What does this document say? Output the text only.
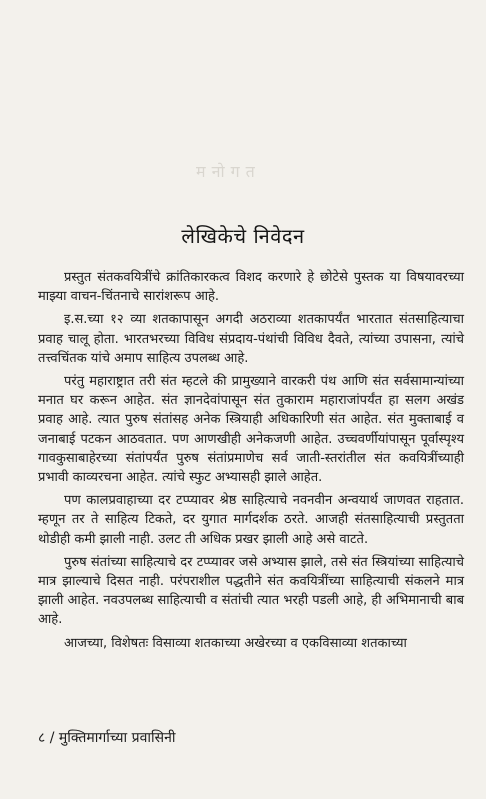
मनोगत
लेखिकेचे निवेदन

प्रस्तुत संतकवयित्रींचे क्रांतिकारकत्व विशद करणारे हे छोटेसे पुस्तक या विषयावरच्या माझ्या वाचन-चिंतनाचे सारांशरूप आहे.

इ.स.च्या १२ व्या शतकापासून अगदी अठराव्या शतकापर्यंत भारतात संतसाहित्याचा प्रवाह चालू होता. भारतभरच्या विविध संप्रदाय-पंथांची विविध दैवते, त्यांच्या उपासना, त्यांचे तत्त्वचिंतक यांचे अमाप साहित्य उपलब्ध आहे.

परंतु महाराष्ट्रात तरी संत म्हटले की प्रामुख्याने वारकरी पंथ आणि संत सर्वसामान्यांच्या मनात घर करून आहेत. संत ज्ञानदेवांपासून संत तुकाराम महाराजांपर्यंत हा सलग अखंड प्रवाह आहे. त्यात पुरुष संतांसह अनेक स्त्रियाही अधिकारिणी संत आहेत. संत मुक्ताबाई व जनाबाई पटकन आठवतात. पण आणखीही अनेकजणी आहेत. उच्चवर्णीयांपासून पूर्वास्पृश्य गावकुसाबाहेरच्या संतांपर्यंत पुरुष संतांप्रमाणेच सर्व जाती-स्तरांतील संत कवयित्रींच्याही प्रभावी काव्यरचना आहेत. त्यांचे स्फुट अभ्यासही झाले आहेत.

पण कालप्रवाहाच्या दर टप्प्यावर श्रेष्ठ साहित्याचे नवनवीन अन्वयार्थ जाणवत राहतात. म्हणून तर ते साहित्य टिकते, दर युगात मार्गदर्शक ठरते. आजही संतसाहित्याची प्रस्तुतता थोडीही कमी झाली नाही. उलट ती अधिक प्रखर झाली आहे असे वाटते.

पुरुष संतांच्या साहित्याचे दर टप्प्यावर जसे अभ्यास झाले, तसे संत स्त्रियांच्या साहित्याचे मात्र झाल्याचे दिसत नाही. परंपराशील पद्धतीने संत कवयित्रींच्या साहित्याची संकलने मात्र झाली आहेत. नवउपलब्ध साहित्याची व संतांची त्यात भरही पडली आहे, ही अभिमानाची बाब आहे.

आजच्या, विशेषतः विसाव्या शतकाच्या अखेरच्या व एकविसाव्या शतकाच्या

८ / मुक्तिमार्गाच्या प्रवासिनी
